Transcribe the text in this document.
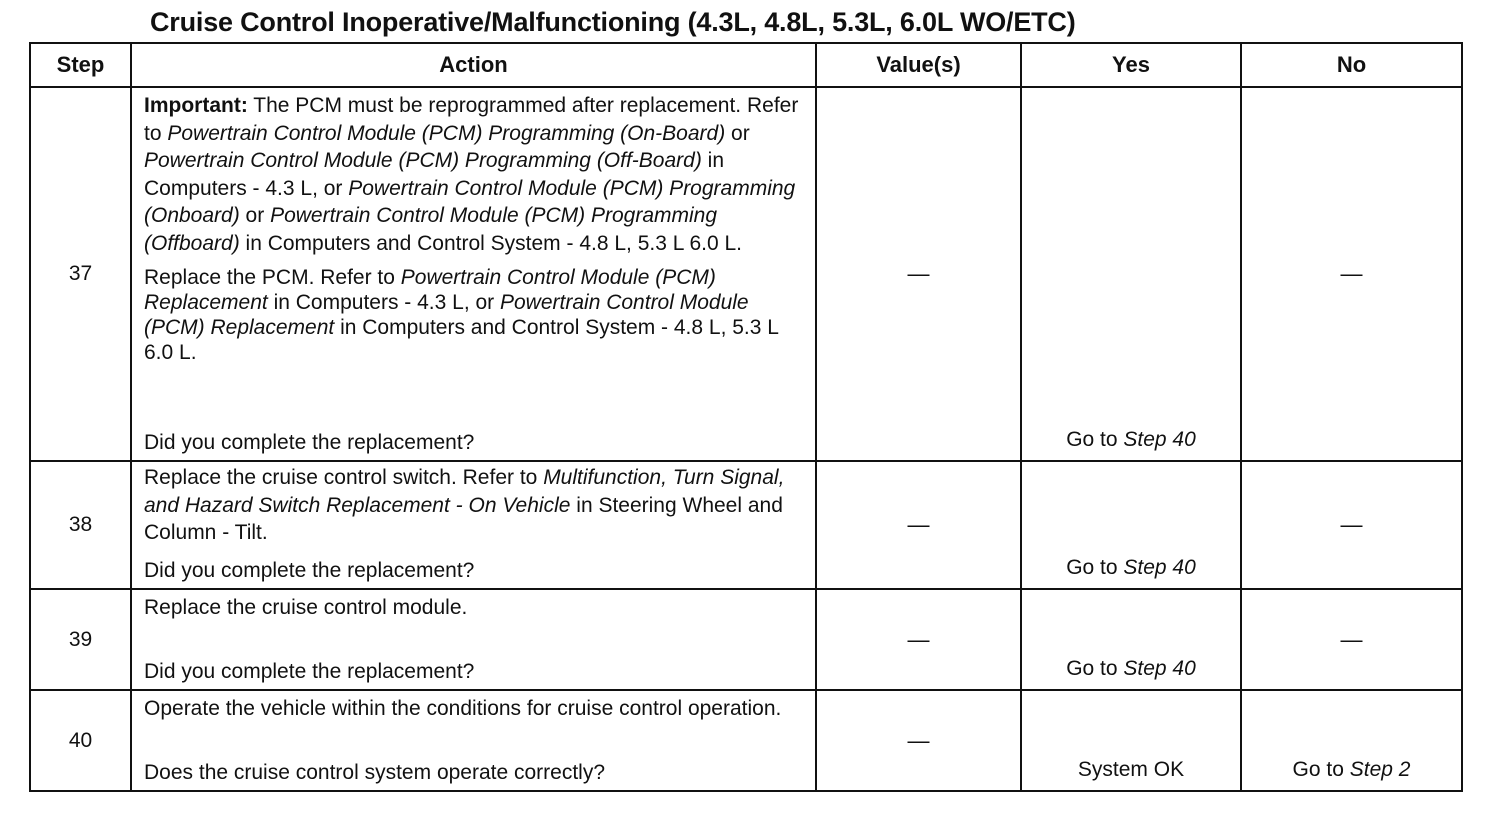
Cruise Control Inoperative/Malfunctioning (4.3L, 4.8L, 5.3L, 6.0L WO/ETC)
Step	Action	Value(s)	Yes	No
37	Important: The PCM must be reprogrammed after replacement. Refer to Powertrain Control Module (PCM) Programming (On-Board) or Powertrain Control Module (PCM) Programming (Off-Board) in Computers - 4.3 L, or Powertrain Control Module (PCM) Programming (Onboard) or Powertrain Control Module (PCM) Programming (Offboard) in Computers and Control System - 4.8 L, 5.3 L 6.0 L.

Replace the PCM. Refer to Powertrain Control Module (PCM) Replacement in Computers - 4.3 L, or Powertrain Control Module (PCM) Replacement in Computers and Control System - 4.8 L, 5.3 L 6.0 L.

Did you complete the replacement?	—	Go to Step 40	—
38	Replace the cruise control switch. Refer to Multifunction, Turn Signal, and Hazard Switch Replacement - On Vehicle in Steering Wheel and Column - Tilt.

Did you complete the replacement?	—	Go to Step 40	—
39	Replace the cruise control module.

Did you complete the replacement?	—	Go to Step 40	—
40	Operate the vehicle within the conditions for cruise control operation.

Does the cruise control system operate correctly?	—	System OK	Go to Step 2
